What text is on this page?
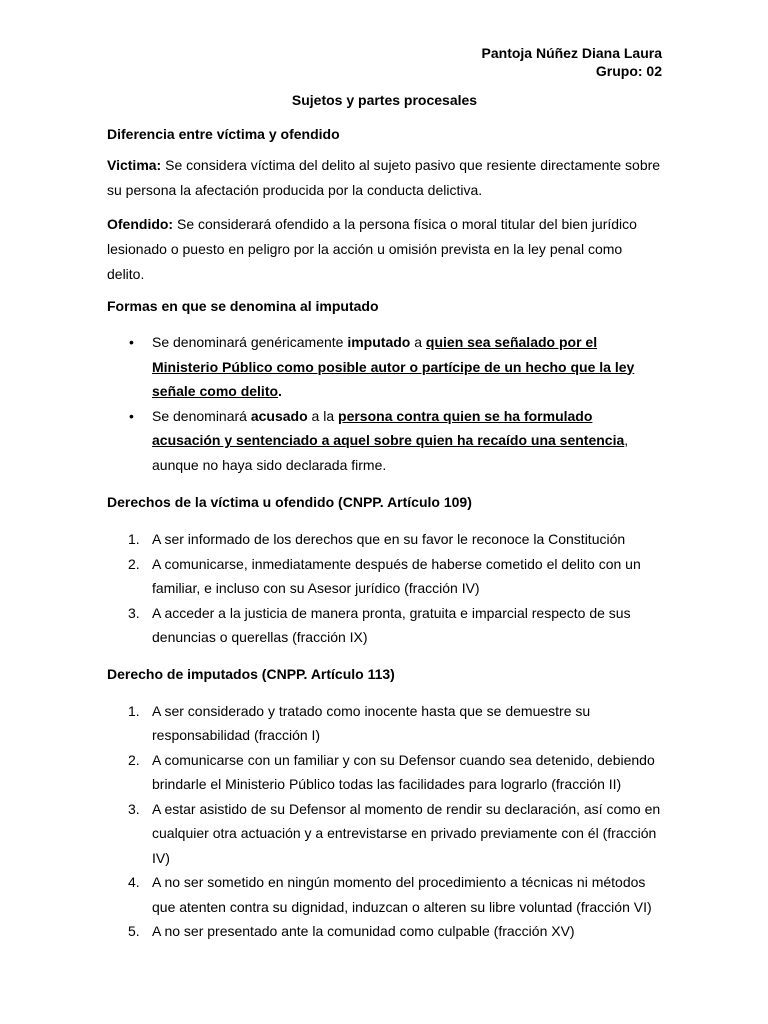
Pantoja Núñez Diana Laura
Grupo: 02
Sujetos y partes procesales
Diferencia entre víctima y ofendido
Victima: Se considera víctima del delito al sujeto pasivo que resiente directamente sobre su persona la afectación producida por la conducta delictiva.
Ofendido: Se considerará ofendido a la persona física o moral titular del bien jurídico lesionado o puesto en peligro por la acción u omisión prevista en la ley penal como delito.
Formas en que se denomina al imputado
• Se denominará genéricamente imputado a quien sea señalado por el Ministerio Público como posible autor o partícipe de un hecho que la ley señale como delito.
• Se denominará acusado a la persona contra quien se ha formulado acusación y sentenciado a aquel sobre quien ha recaído una sentencia, aunque no haya sido declarada firme.
Derechos de la víctima u ofendido (CNPP. Artículo 109)
1. A ser informado de los derechos que en su favor le reconoce la Constitución
2. A comunicarse, inmediatamente después de haberse cometido el delito con un familiar, e incluso con su Asesor jurídico (fracción IV)
3. A acceder a la justicia de manera pronta, gratuita e imparcial respecto de sus denuncias o querellas (fracción IX)
Derecho de imputados (CNPP. Artículo 113)
1. A ser considerado y tratado como inocente hasta que se demuestre su responsabilidad (fracción I)
2. A comunicarse con un familiar y con su Defensor cuando sea detenido, debiendo brindarle el Ministerio Público todas las facilidades para lograrlo (fracción II)
3. A estar asistido de su Defensor al momento de rendir su declaración, así como en cualquier otra actuación y a entrevistarse en privado previamente con él (fracción IV)
4. A no ser sometido en ningún momento del procedimiento a técnicas ni métodos que atenten contra su dignidad, induzcan o alteren su libre voluntad (fracción VI)
5. A no ser presentado ante la comunidad como culpable (fracción XV)
